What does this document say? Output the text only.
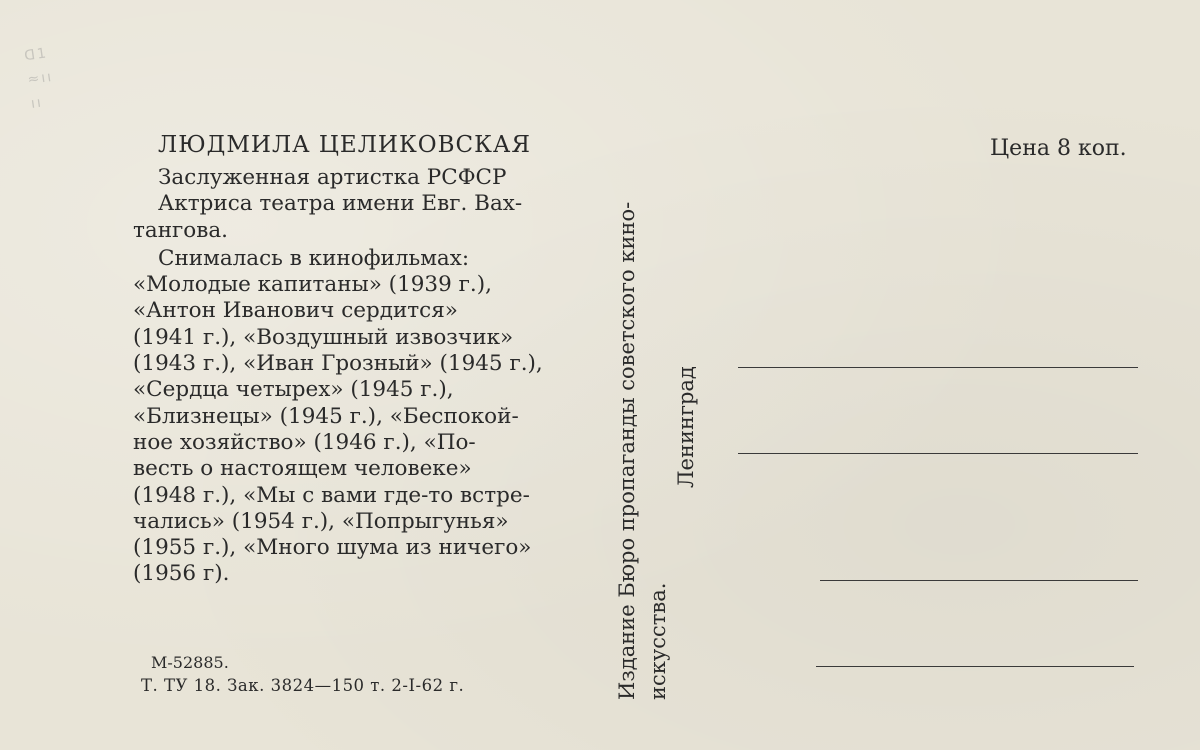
ꓷ1
≈ıı
ıı
ЛЮДМИЛА ЦЕЛИКОВСКАЯ

Заслуженная артистка РСФСР

Актриса театра имени Евг. Вах-

тангова.

Снималась в кинофильмах:

«Молодые капитаны» (1939 г.),

«Антон Иванович сердится»

(1941 г.), «Воздушный извозчик»

(1943 г.), «Иван Грозный» (1945 г.),

«Сердца четырех» (1945 г.),

«Близнецы» (1945 г.), «Беспокой-

ное хозяйство» (1946 г.), «По-

весть о настоящем человеке»

(1948 г.), «Мы с вами где-то встре-

чались» (1954 г.), «Попрыгунья»

(1955 г.), «Много шума из ничего»

(1956 г).

М-52885.
Т. ТУ 18. Зак. 3824—150 т. 2-I-62 г.	Издание Бюро пропаганды советского кино- искусства.
Ленинград
Цена 8 коп.
